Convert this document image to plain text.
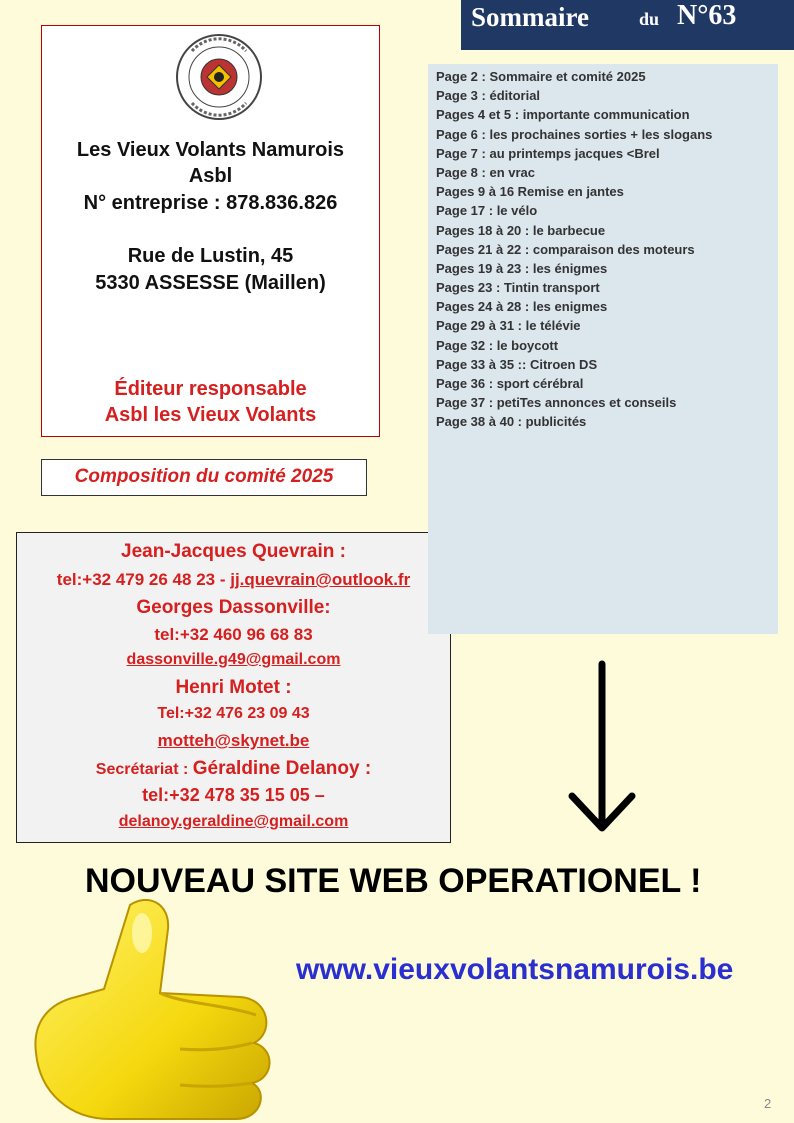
Sommaire	du N°63
Les Vieux Volants Namurois
Asbl
N° entreprise : 878.836.826
Rue de Lustin, 45
5330 ASSESSE (Maillen)
Éditeur responsable
Asbl les Vieux Volants
Composition du comité 2025
Jean-Jacques Quevrain :
tel:+32 479 26 48 23 - jj.quevrain@outlook.fr
Georges Dassonville:
tel:+32 460 96 68 83
dassonville.g49@gmail.com
Henri Motet :
Tel:+32 476 23 09 43
motteh@skynet.be
Secrétariat : Géraldine Delanoy :
tel:+32 478 35 15 05 –
delanoy.geraldine@gmail.com
Page 2 : Sommaire et comité 2025
Page 3 : éditorial
Pages 4 et 5 : importante communication
Page 6 : les prochaines sorties + les slogans
Page 7 : au printemps jacques <Brel
Page 8 : en vrac
Pages 9 à 16 Remise en jantes
Page 17 : le vélo
Pages 18 à 20 : le barbecue
Pages 21 à 22 : comparaison des moteurs
Pages 19 à 23 : les énigmes
Pages 23 : Tintin transport
Pages 24 à 28 : les enigmes
Page 29 à 31 : le télévie
Page 32 : le boycott
Page 33 à 35 :: Citroen DS
Page 36 : sport cérébral
Page 37 : petiTes annonces et conseils
Page 38 à 40 : publicités
NOUVEAU SITE WEB OPERATIONEL !
www.vieuxvolantsnamurois.be
2
